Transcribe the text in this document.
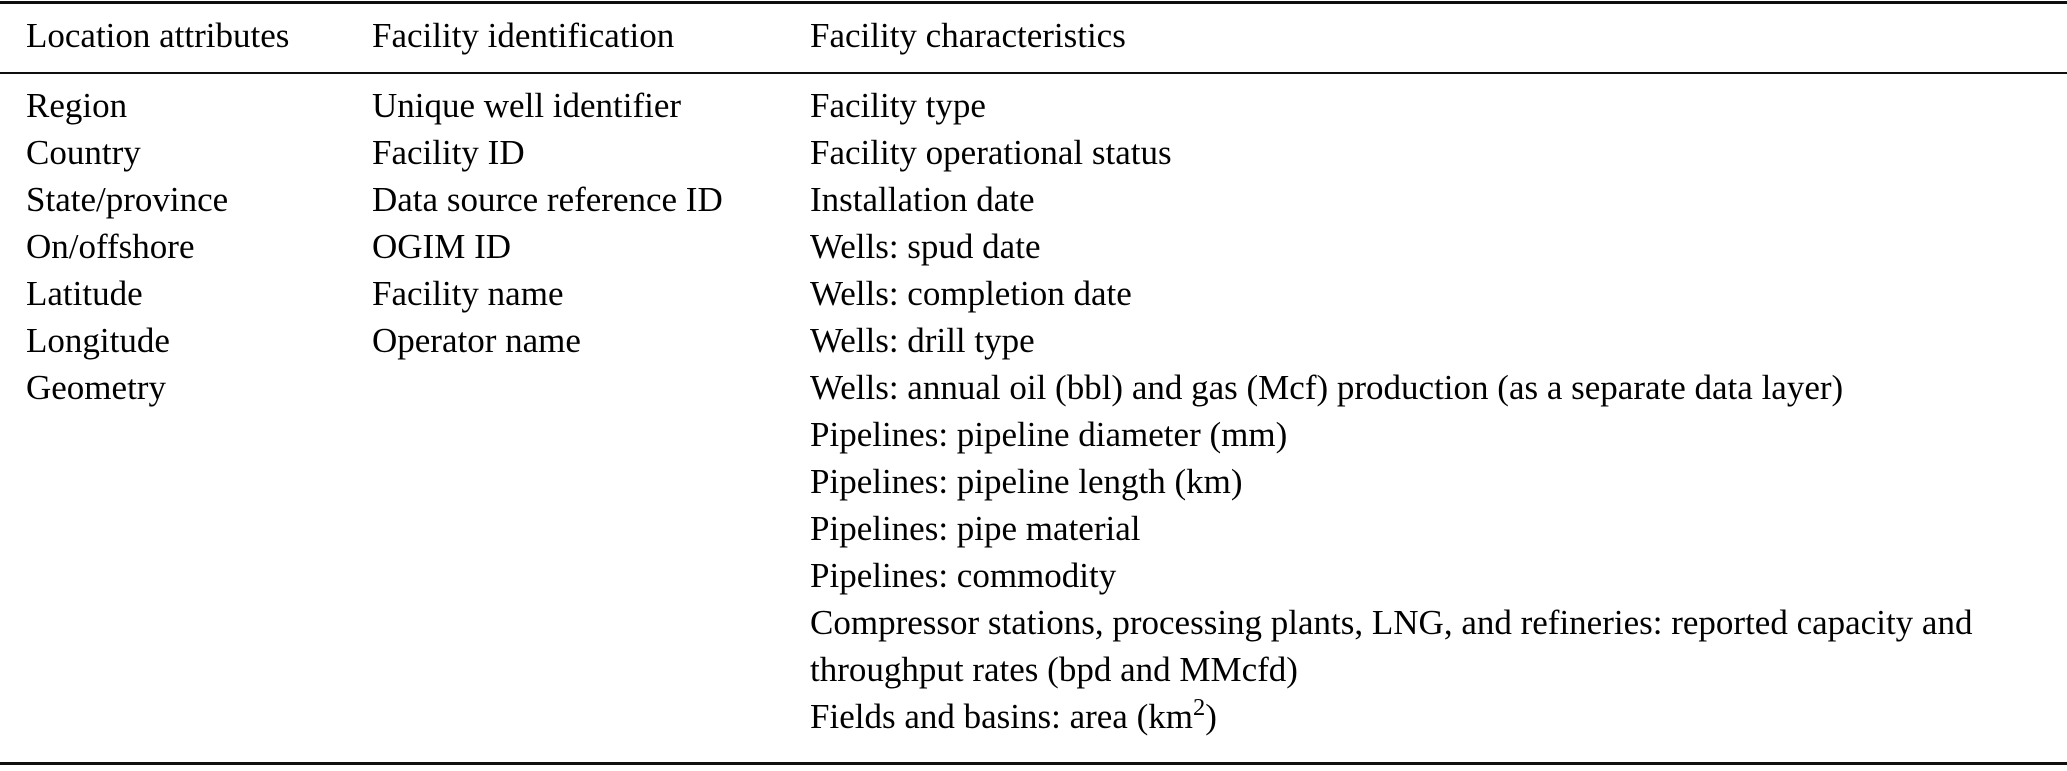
Location attributes	Facility identification	Facility characteristics
Region
Country
State/province
On/offshore
Latitude
Longitude
Geometry
Unique well identifier
Facility ID
Data source reference ID
OGIM ID
Facility name
Operator name
Facility type
Facility operational status
Installation date
Wells: spud date
Wells: completion date
Wells: drill type
Wells: annual oil (bbl) and gas (Mcf) production (as a separate data layer)
Pipelines: pipeline diameter (mm)
Pipelines: pipeline length (km)
Pipelines: pipe material
Pipelines: commodity
Compressor stations, processing plants, LNG, and refineries: reported capacity and throughput rates (bpd and MMcfd)
Fields and basins: area $(km^2)$
